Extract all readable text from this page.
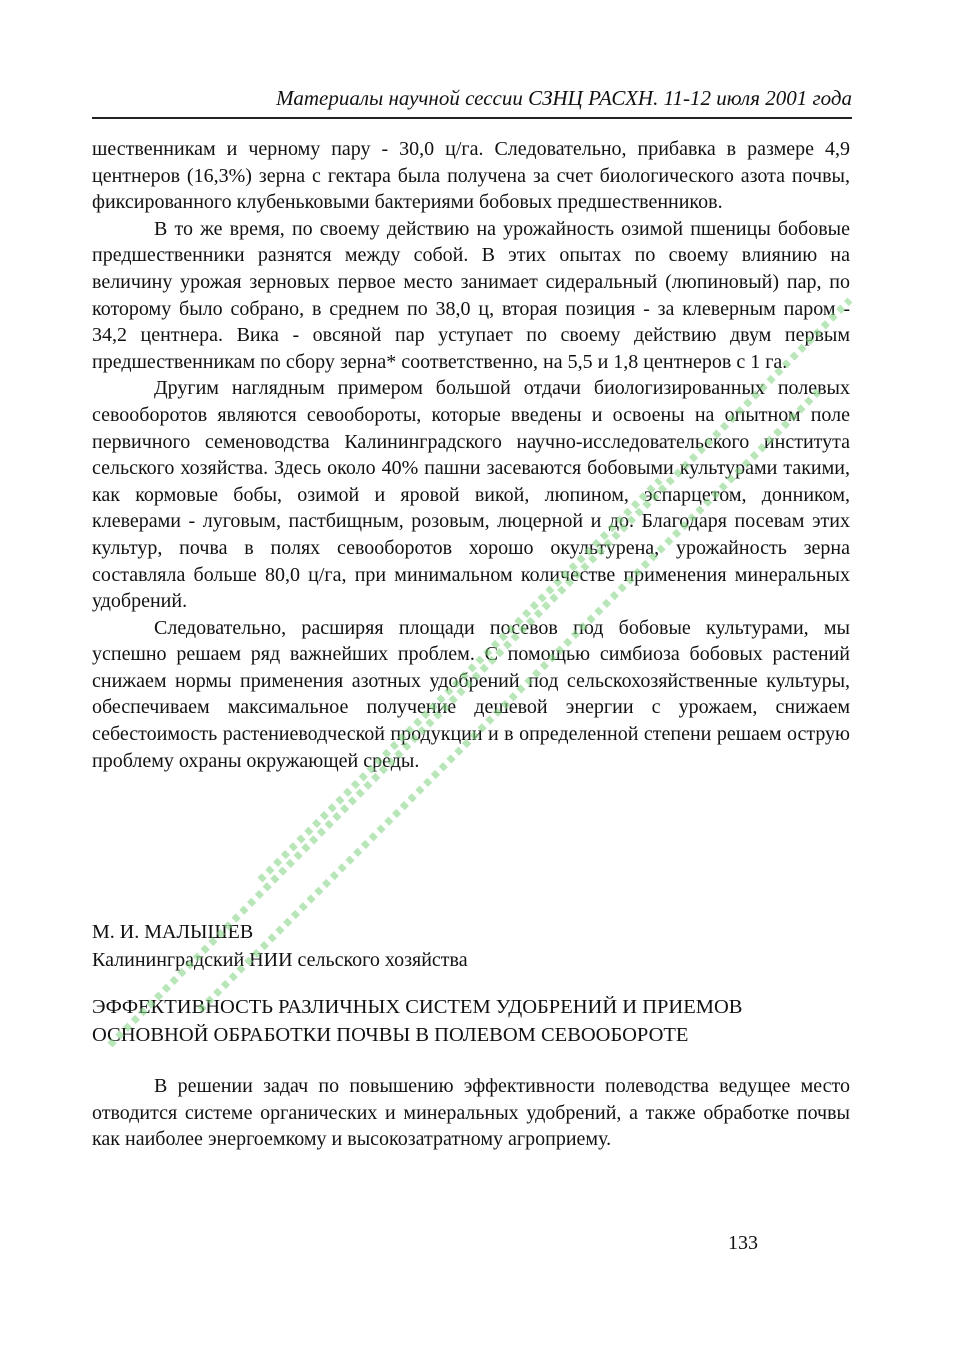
Материалы научной сессии СЗНЦ РАСХН. 11-12 июля 2001 года

шественникам и черному пару - 30,0 ц/га. Следовательно, прибавка в размере 4,9 центнеров (16,3%) зерна с гектара была получена за счет биологического азота почвы, фиксированного клубеньковыми бактериями бобовых предшественников.

В то же время, по своему действию на урожайность озимой пшеницы бобовые предшественники разнятся между собой. В этих опытах по своему влиянию на величину урожая зерновых первое место занимает сидеральный (люпиновый) пар, по которому было собрано, в среднем по 38,0 ц, вторая позиция - за клеверным паром - 34,2 центнера. Вика - овсяной пар уступает по своему действию двум первым предшественникам по сбору зерна* соответственно, на 5,5 и 1,8 центнеров с 1 га.

Другим наглядным примером большой отдачи биологизированных полевых севооборотов являются севообороты, которые введены и освоены на опытном поле первичного семеноводства Калининградского научно-исследовательского института сельского хозяйства. Здесь около 40% пашни засеваются бобовыми культурами такими, как кормовые бобы, озимой и яровой викой, люпином, эспарцетом, донником, клеверами - луговым, пастбищным, розовым, люцерной и до. Благодаря посевам этих культур, почва в полях севооборотов хорошо окультурена, урожайность зерна составляла больше 80,0 ц/га, при минимальном количестве применения минеральных удобрений.

Следовательно, расширяя площади посевов под бобовые культурами, мы успешно решаем ряд важнейших проблем. С помощью симбиоза бобовых растений снижаем нормы применения азотных удобрений под сельскохозяйственные культуры, обеспечиваем максимальное получение дешевой энергии с урожаем, снижаем себестоимость растениеводческой продукции и в определенной степени решаем острую проблему охраны окружающей среды.

М. И. МАЛЫШЕВ
Калининградский НИИ сельского хозяйства
ЭФФЕКТИВНОСТЬ РАЗЛИЧНЫХ СИСТЕМ УДОБРЕНИЙ И ПРИЕМОВ
ОСНОВНОЙ ОБРАБОТКИ ПОЧВЫ В ПОЛЕВОМ СЕВООБОРОТЕ

В решении задач по повышению эффективности полеводства ведущее место отводится системе органических и минеральных удобрений, а также обработке почвы как наиболее энергоемкому и высокозатратному агроприему.

133
